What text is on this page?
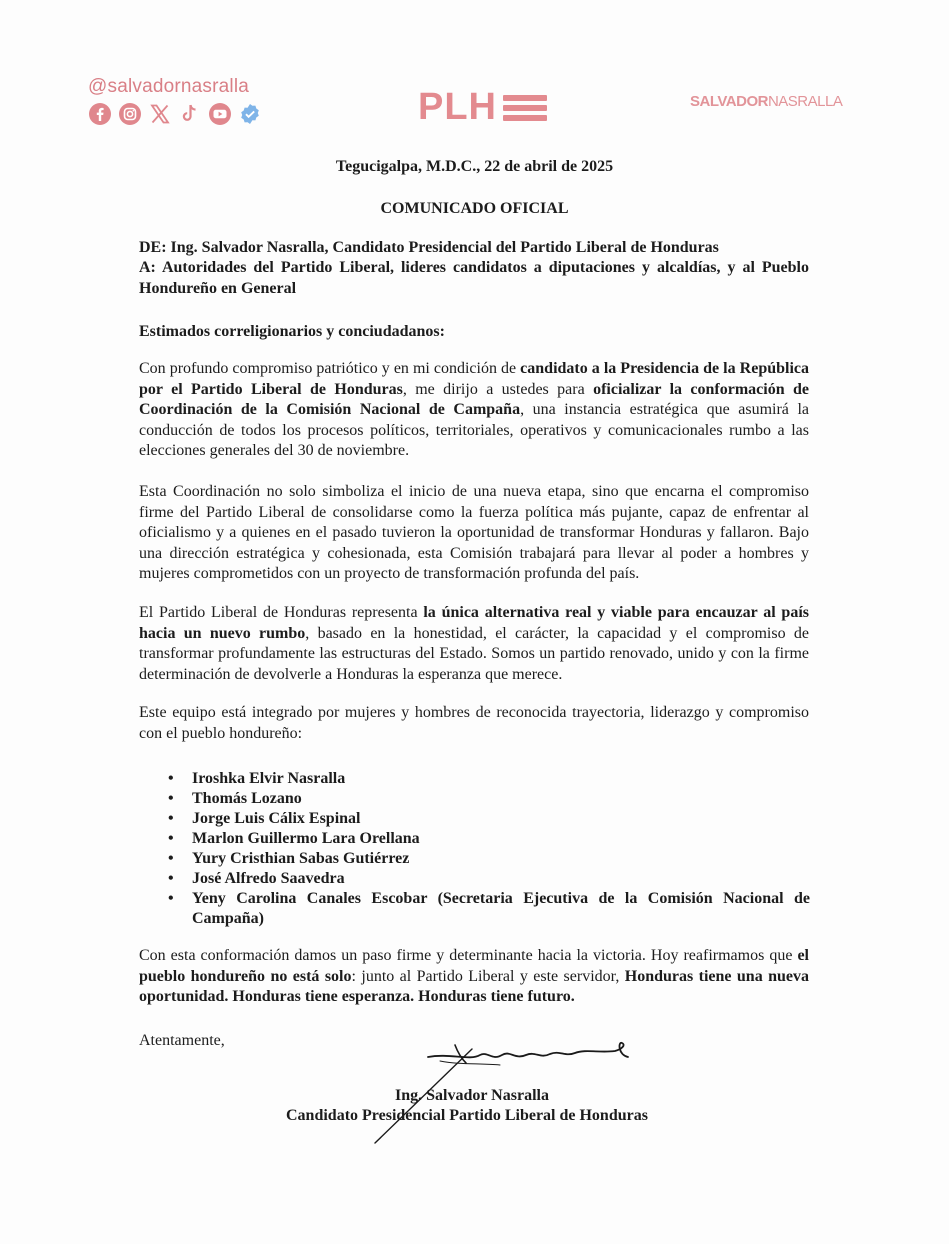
@salvadornasralla	PLH	SALVADORNASRALLA
Tegucigalpa, M.D.C., 22 de abril de 2025
COMUNICADO OFICIAL
DE: Ing. Salvador Nasralla, Candidato Presidencial del Partido Liberal de Honduras
A: Autoridades del Partido Liberal, lideres candidatos a diputaciones y alcaldías, y al Pueblo Hondureño en General
Estimados correligionarios y conciudadanos:
Con profundo compromiso patriótico y en mi condición de candidato a la Presidencia de la República por el Partido Liberal de Honduras, me dirijo a ustedes para oficializar la conformación de Coordinación de la Comisión Nacional de Campaña, una instancia estratégica que asumirá la conducción de todos los procesos políticos, territoriales, operativos y comunicacionales rumbo a las elecciones generales del 30 de noviembre.
Esta Coordinación no solo simboliza el inicio de una nueva etapa, sino que encarna el compromiso firme del Partido Liberal de consolidarse como la fuerza política más pujante, capaz de enfrentar al oficialismo y a quienes en el pasado tuvieron la oportunidad de transformar Honduras y fallaron. Bajo una dirección estratégica y cohesionada, esta Comisión trabajará para llevar al poder a hombres y mujeres comprometidos con un proyecto de transformación profunda del país.
El Partido Liberal de Honduras representa la única alternativa real y viable para encauzar al país hacia un nuevo rumbo, basado en la honestidad, el carácter, la capacidad y el compromiso de transformar profundamente las estructuras del Estado. Somos un partido renovado, unido y con la firme determinación de devolverle a Honduras la esperanza que merece.
Este equipo está integrado por mujeres y hombres de reconocida trayectoria, liderazgo y compromiso con el pueblo hondureño:
• Iroshka Elvir Nasralla
• Thomás Lozano
• Jorge Luis Cálix Espinal
• Marlon Guillermo Lara Orellana
• Yury Cristhian Sabas Gutiérrez
• José Alfredo Saavedra
• Yeny Carolina Canales Escobar (Secretaria Ejecutiva de la Comisión Nacional de Campaña)
Con esta conformación damos un paso firme y determinante hacia la victoria. Hoy reafirmamos que el pueblo hondureño no está solo: junto al Partido Liberal y este servidor, Honduras tiene una nueva oportunidad. Honduras tiene esperanza. Honduras tiene futuro.
Atentamente,
Ing. Salvador Nasralla
Candidato Presidencial Partido Liberal de Honduras
